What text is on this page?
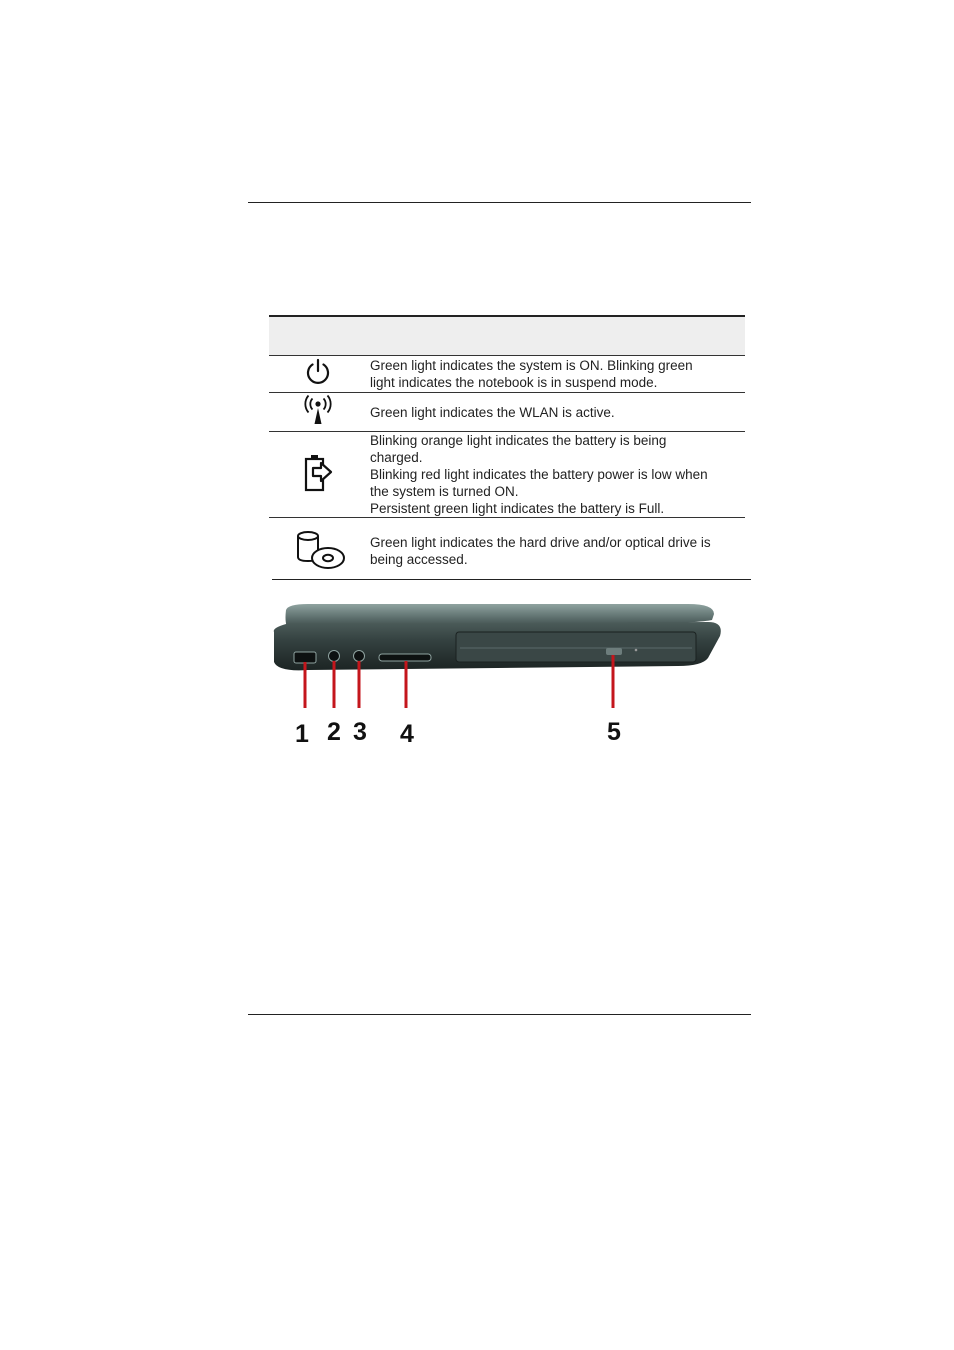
Green light indicates the system is ON. Blinking green
light indicates the notebook is in suspend mode.

Green light indicates the WLAN is active.

Blinking orange light indicates the battery is being
charged.
Blinking red light indicates the battery power is low when
the system is turned ON.
Persistent green light indicates the battery is Full.

Green light indicates the hard drive and/or optical drive is
being accessed.
1 2 3 4	5
